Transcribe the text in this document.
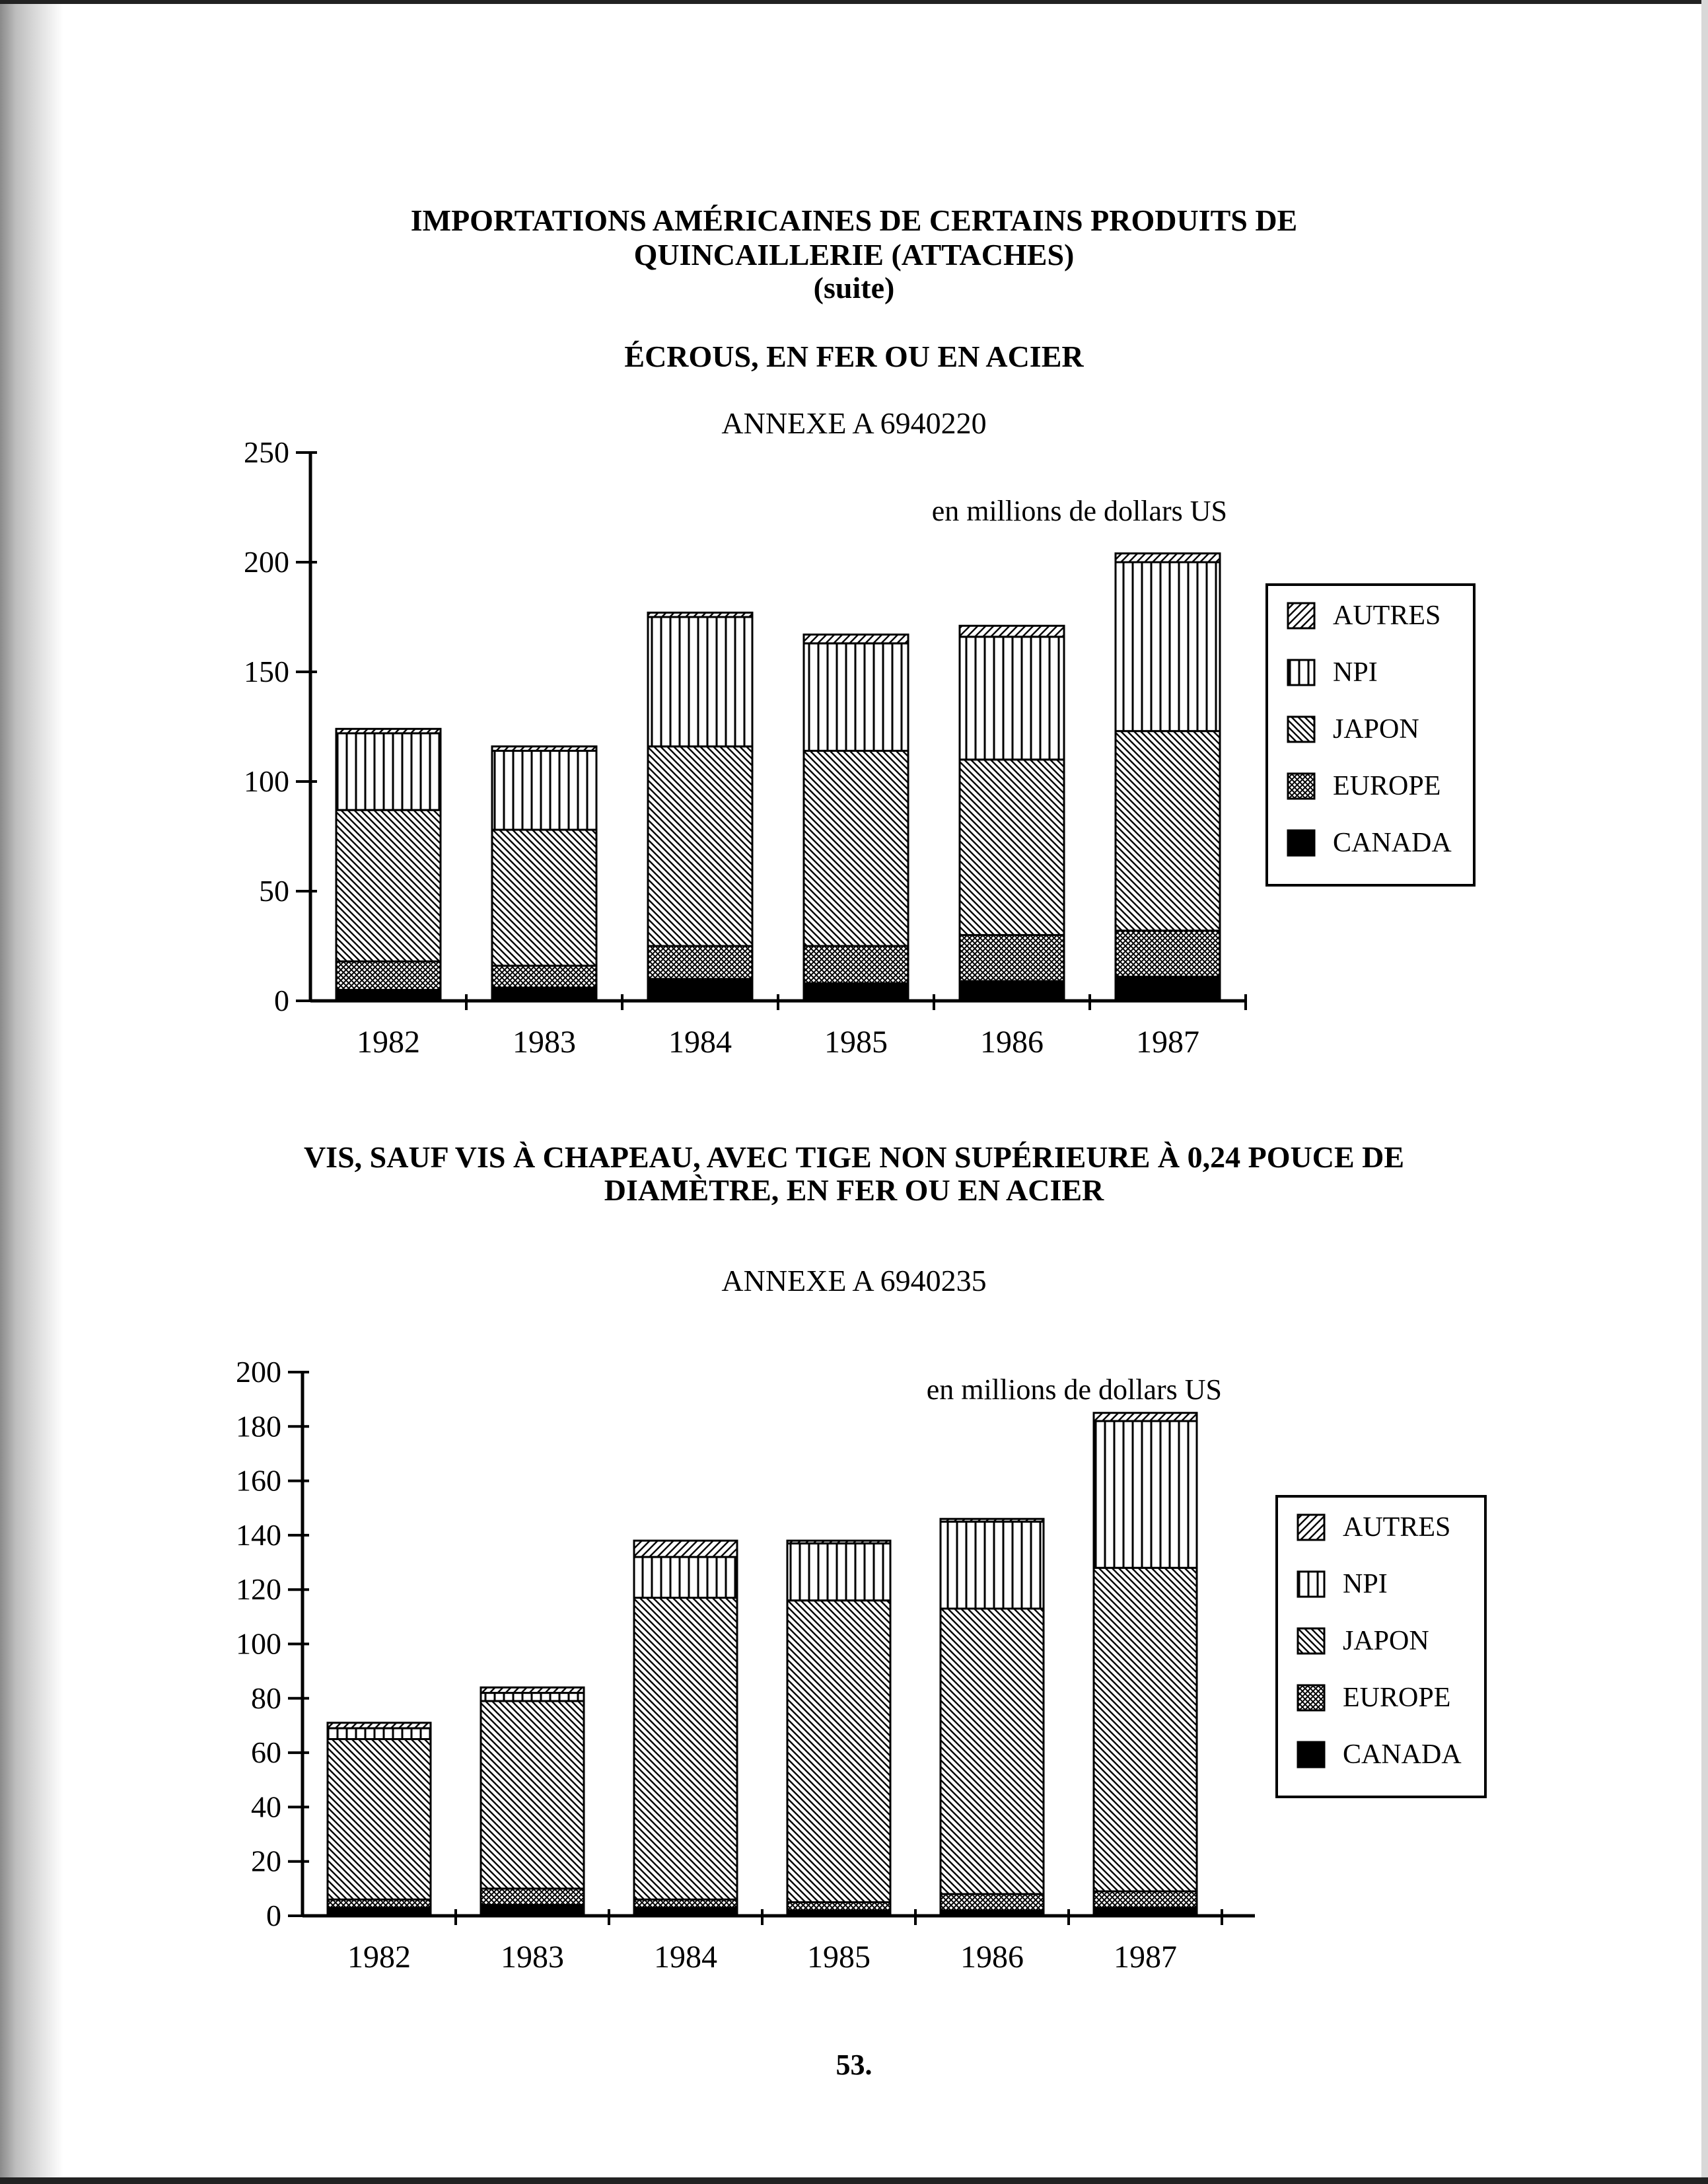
IMPORTATIONS AMÉRICAINES DE CERTAINS PRODUITS DE
QUINCAILLERIE (ATTACHES)
(suite)
ÉCROUS, EN FER OU EN ACIER
ANNEXE A 6940220
VIS, SAUF VIS À CHAPEAU, AVEC TIGE NON SUPÉRIEURE À 0,24 POUCE DE
DIAMÈTRE, EN FER OU EN ACIER
ANNEXE A 6940235
0
50
100
150
200
250
1982	1983	1984	1985	1986	1987
en millions de dollars US
AUTRES
NPI
JAPON
EUROPE
CANADA
0
20
40
60
80
100
120
140
160
180
200
1982	1983	1984	1985	1986	1987
en millions de dollars US
AUTRES
NPI
JAPON
EUROPE
CANADA
53.
